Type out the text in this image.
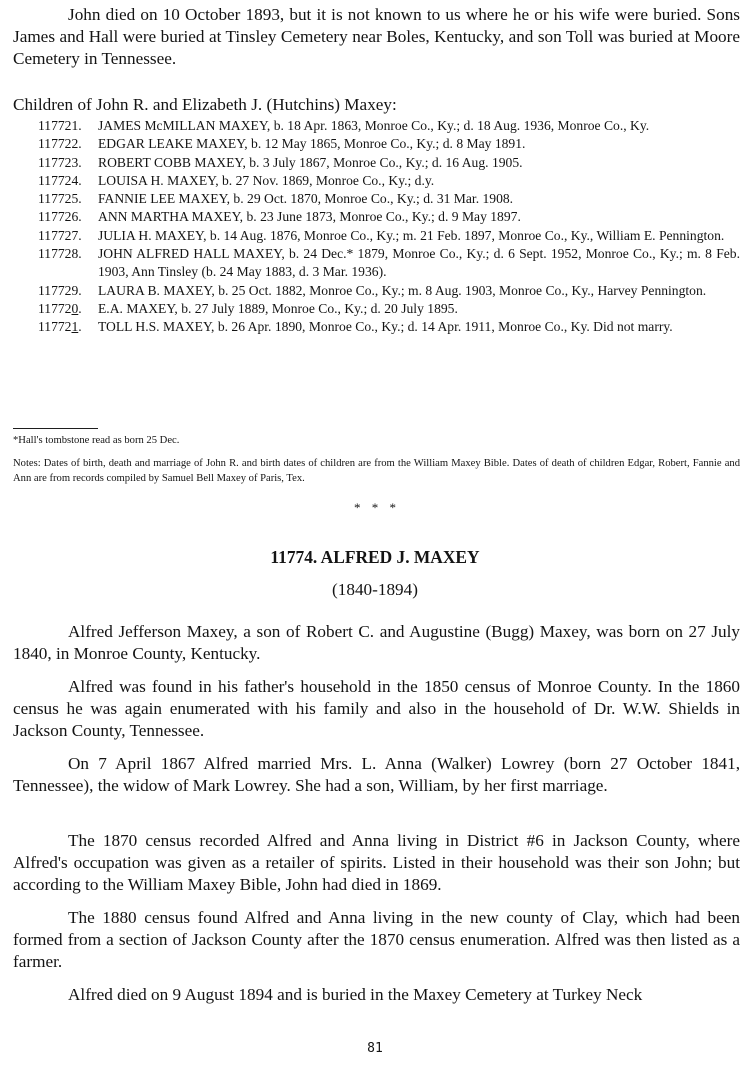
John died on 10 October 1893, but it is not known to us where he or his wife were buried. Sons James and Hall were buried at Tinsley Cemetery near Boles, Kentucky, and son Toll was buried at Moore Cemetery in Tennessee.

Children of John R. and Elizabeth J. (Hutchins) Maxey:

117721.	JAMES McMILLAN MAXEY, b. 18 Apr. 1863, Monroe Co., Ky.; d. 18 Aug. 1936, Monroe Co., Ky.
117722.	EDGAR LEAKE MAXEY, b. 12 May 1865, Monroe Co., Ky.; d. 8 May 1891.
117723.	ROBERT COBB MAXEY, b. 3 July 1867, Monroe Co., Ky.; d. 16 Aug. 1905.
117724.	LOUISA H. MAXEY, b. 27 Nov. 1869, Monroe Co., Ky.; d.y.
117725.	FANNIE LEE MAXEY, b. 29 Oct. 1870, Monroe Co., Ky.; d. 31 Mar. 1908.
117726.	ANN MARTHA MAXEY, b. 23 June 1873, Monroe Co., Ky.; d. 9 May 1897.
117727.	JULIA H. MAXEY, b. 14 Aug. 1876, Monroe Co., Ky.; m. 21 Feb. 1897, Monroe Co., Ky., William E. Pennington.
117728.	JOHN ALFRED HALL MAXEY, b. 24 Dec.* 1879, Monroe Co., Ky.; d. 6 Sept. 1952, Monroe Co., Ky.; m. 8 Feb. 1903, Ann Tinsley (b. 24 May 1883, d. 3 Mar. 1936).
117729.	LAURA B. MAXEY, b. 25 Oct. 1882, Monroe Co., Ky.; m. 8 Aug. 1903, Monroe Co., Ky., Harvey Pennington.
117720.	E.A. MAXEY, b. 27 July 1889, Monroe Co., Ky.; d. 20 July 1895.
117721.	TOLL H.S. MAXEY, b. 26 Apr. 1890, Monroe Co., Ky.; d. 14 Apr. 1911, Monroe Co., Ky. Did not marry.

*Hall's tombstone read as born 25 Dec.

Notes: Dates of birth, death and marriage of John R. and birth dates of children are from the William Maxey Bible. Dates of death of children Edgar, Robert, Fannie and Ann are from records compiled by Samuel Bell Maxey of Paris, Tex.

* * *

11774. ALFRED J. MAXEY

(1840-1894)

Alfred Jefferson Maxey, a son of Robert C. and Augustine (Bugg) Maxey, was born on 27 July 1840, in Monroe County, Kentucky.

Alfred was found in his father's household in the 1850 census of Monroe County. In the 1860 census he was again enumerated with his family and also in the household of Dr. W.W. Shields in Jackson County, Tennessee.

On 7 April 1867 Alfred married Mrs. L. Anna (Walker) Lowrey (born 27 October 1841, Tennessee), the widow of Mark Lowrey. She had a son, William, by her first marriage.

The 1870 census recorded Alfred and Anna living in District #6 in Jackson County, where Alfred's occupation was given as a retailer of spirits. Listed in their household was their son John; but according to the William Maxey Bible, John had died in 1869.

The 1880 census found Alfred and Anna living in the new county of Clay, which had been formed from a section of Jackson County after the 1870 census enumeration. Alfred was then listed as a farmer.

Alfred died on 9 August 1894 and is buried in the Maxey Cemetery at Turkey Neck

81
